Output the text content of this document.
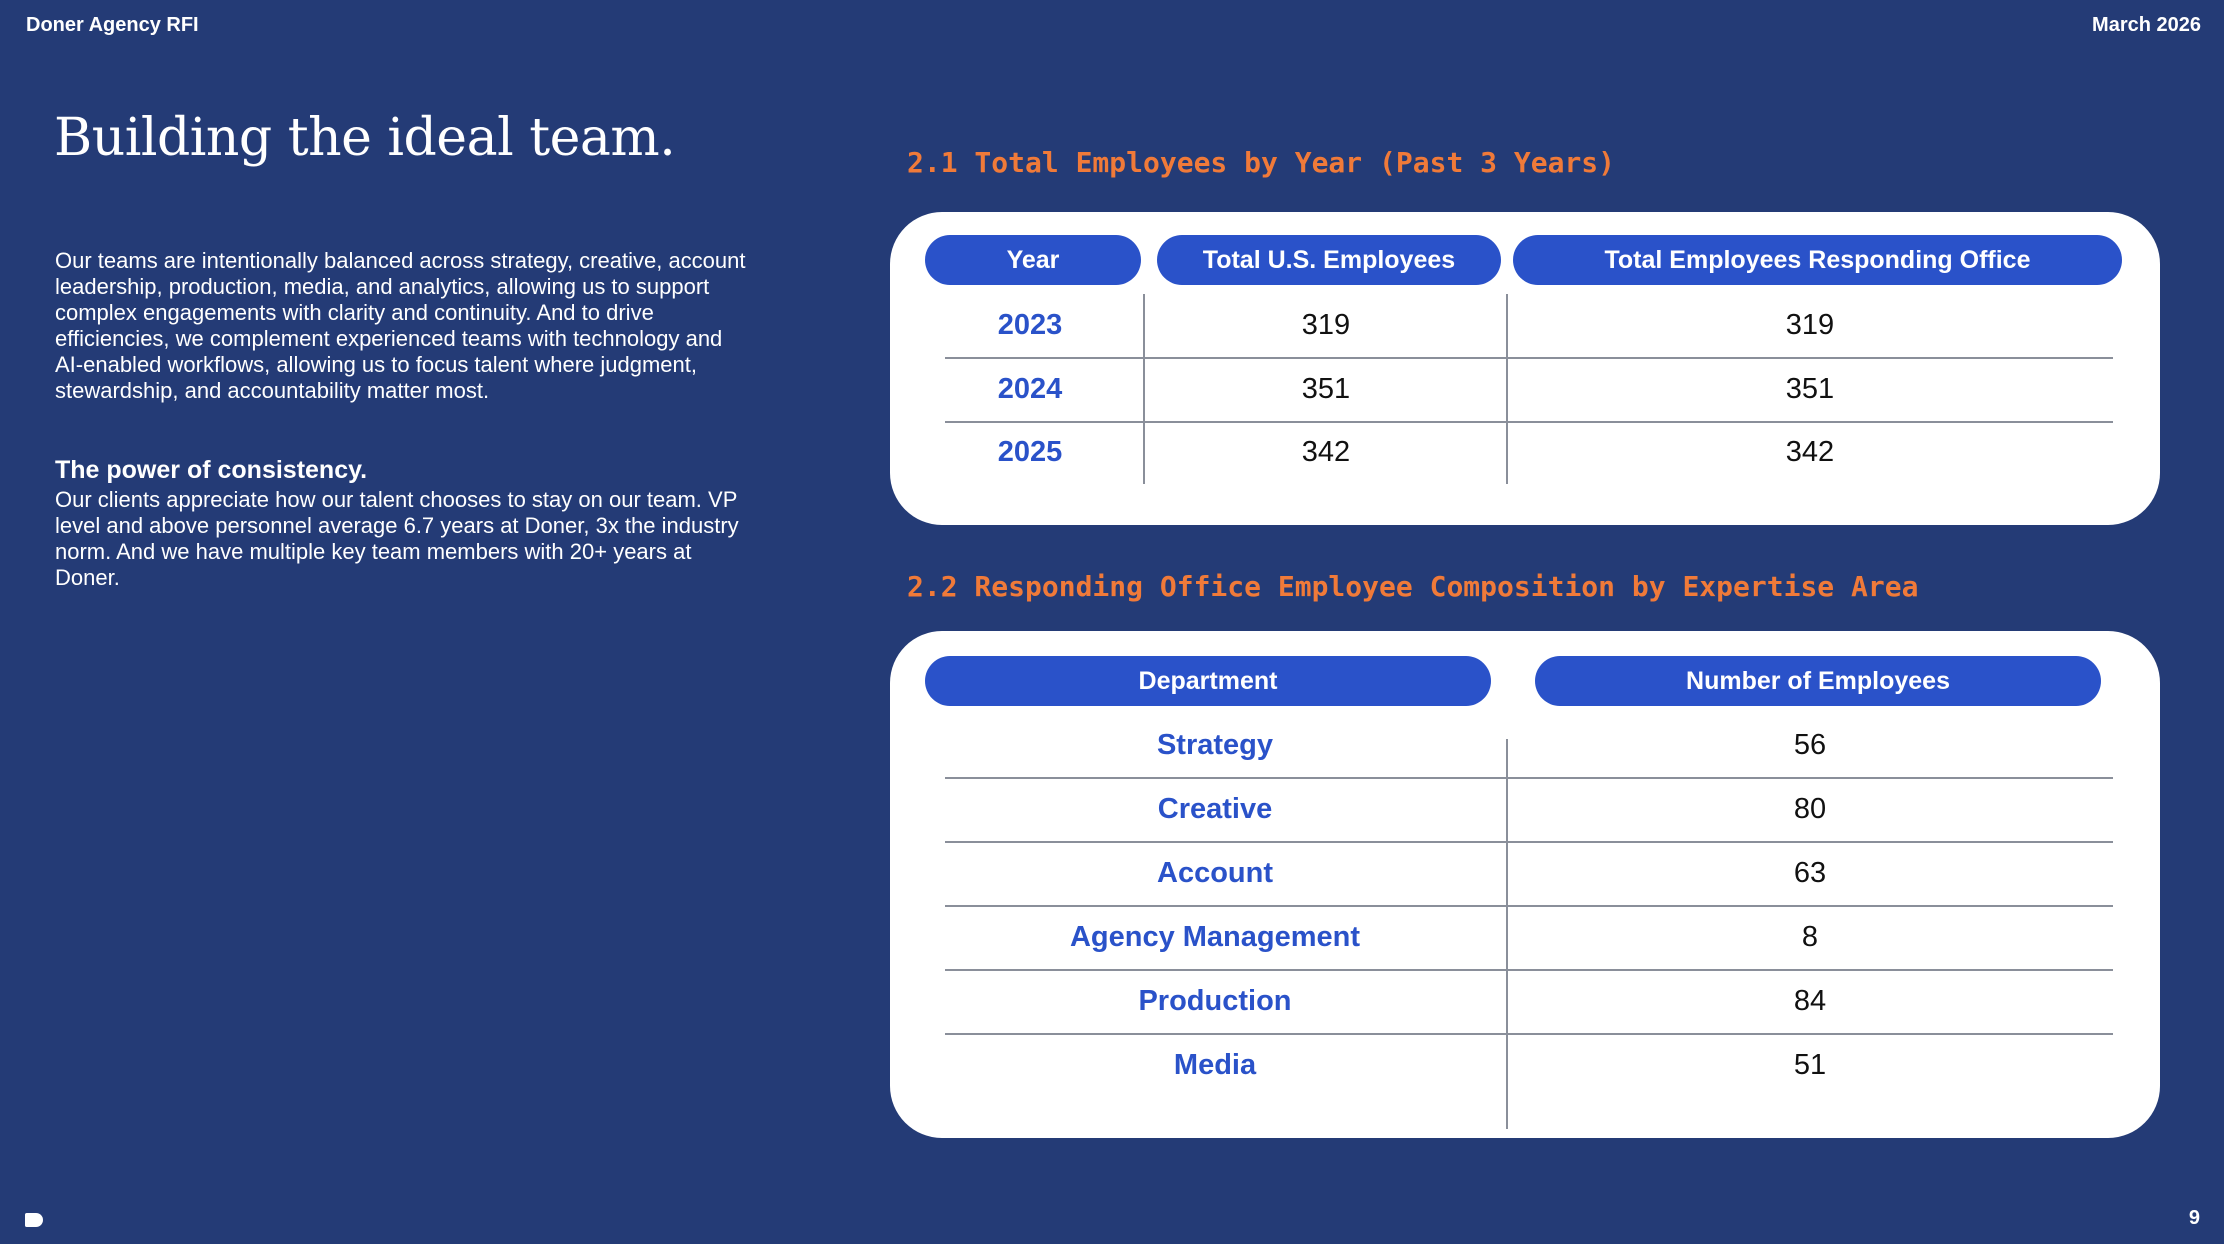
Doner Agency RFI	March 2026
Building the ideal team.

Our teams are intentionally balanced across strategy, creative, account leadership, production, media, and analytics, allowing us to support complex engagements with clarity and continuity. And to drive efficiencies, we complement experienced teams with technology and AI-enabled workflows, allowing us to focus talent where judgment, stewardship, and accountability matter most.

The power of consistency.

Our clients appreciate how our talent chooses to stay on our team. VP level and above personnel average 6.7 years at Doner, 3x the industry norm. And we have multiple key team members with 20+ years at Doner.

2.1 Total Employees by Year (Past 3 Years)
Year	Total U.S. Employees	Total Employees Responding Office
2023	319	319
2024	351	351
2025	342	342
2.2 Responding Office Employee Composition by Expertise Area
Department	Number of Employees
Strategy	56
Creative	80
Account	63
Agency Management	8
Production	84
Media	51
9
